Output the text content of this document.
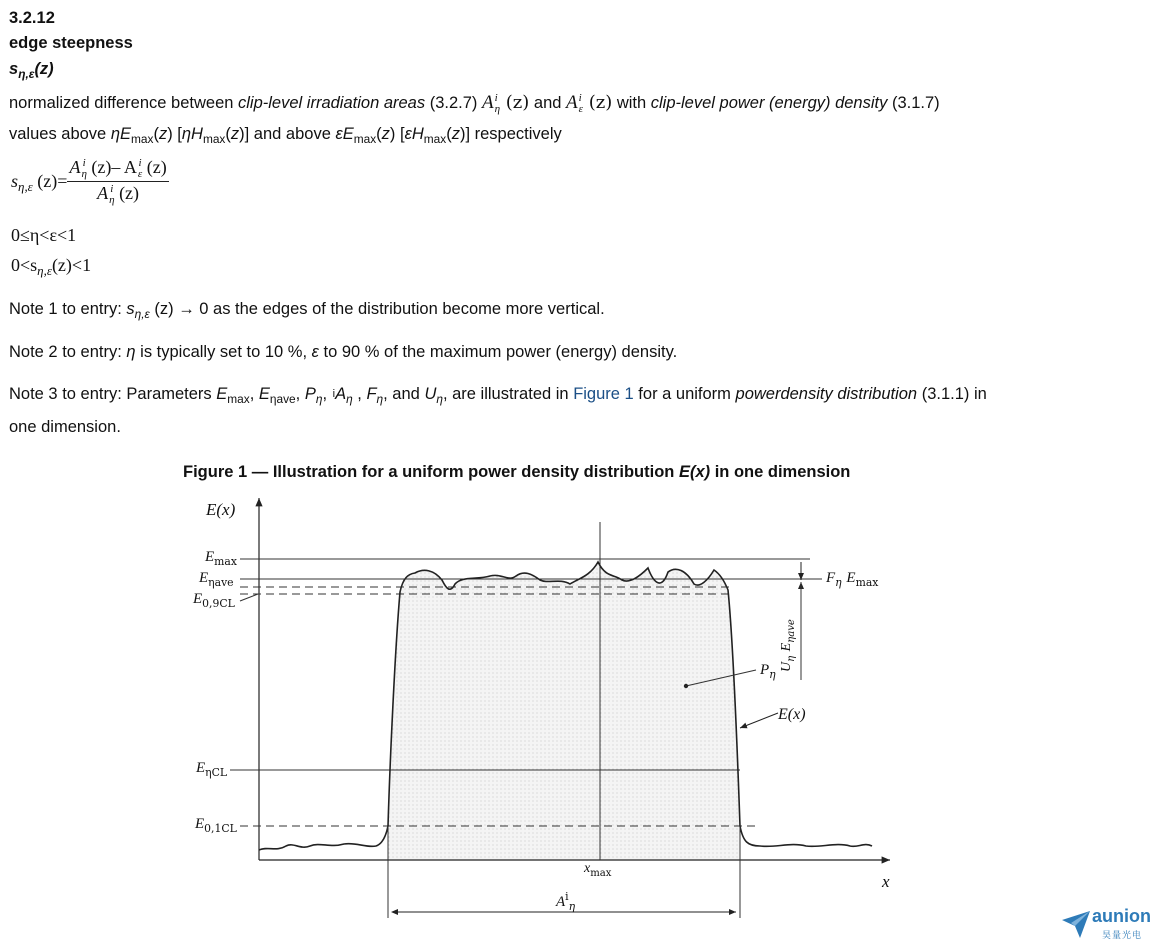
3.2.12
edge steepness
$s_{\eta,\varepsilon}(z)$
normalized difference between clip-level irradiation areas (3.2.7) A i
η (z) and A i
ε (z) with clip-level power (energy) density (3.1.7)
values above $\eta E_{max}(z)$ $[\eta H_{max}(z)]$ and above $\varepsilon E_{max}(z)$ $[\varepsilon H_{max}(z)]$ respectively
$s_{\eta,\varepsilon}$ (z)= A i
η (z)– A i
ε (z)
A i
η (z)
0≤η<ε<1
$0<s_{\eta,\varepsilon}(z)<1$
Note 1 to entry: $s_{\eta,\varepsilon}$ (z) → 0 as the edges of the distribution become more vertical.
Note 2 to entry: η is typically set to 10 %, ε to 90 % of the maximum power (energy) density.
Note 3 to entry: Parameters $E_{max}$, $E_{\eta ave}$, $P_\eta$, i $A_\eta$ , $F_\eta$, and $U_\eta$, are illustrated in Figure 1 for a uniform powerdensity distribution (3.1.1) in
one dimension.
Figure 1 — Illustration for a uniform power density distribution E(x) in one dimension
E(x)
x
$E_{max}$
$E_{\eta ave}$
$E_{0,9CL}$
$E_{\eta CL}$
$E_{0,1CL}$
$x_{max}$
$A^i_\eta$
$F_\eta$ $E_{max}$
$P_\eta$
E(x)
$U_\eta$ $E_{\eta ave}$
aunion
昊量光电
